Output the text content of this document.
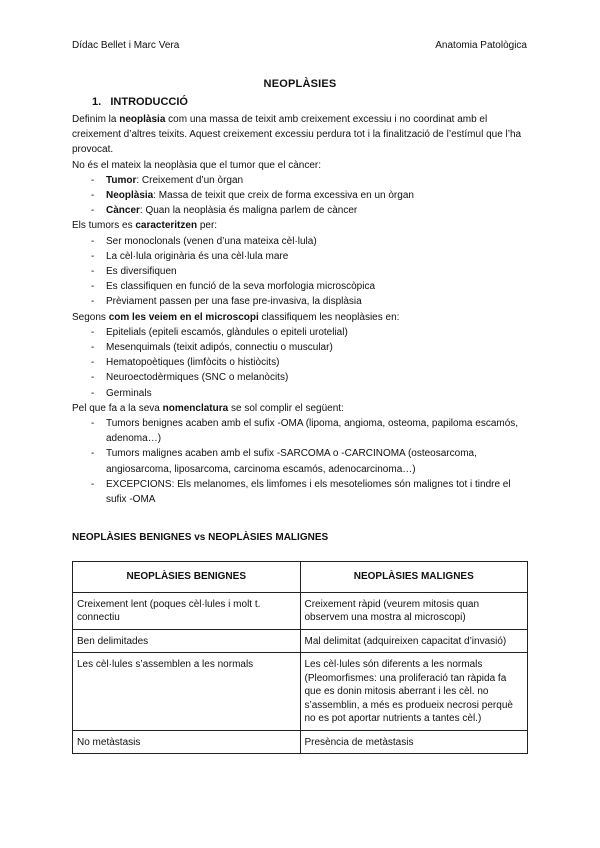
Dídac Bellet i Marc Vera	Anatomia Patològica
NEOPLÀSIES
1. INTRODUCCIÓ

Definim la neoplàsia com una massa de teixit amb creixement excessiu i no coordinat amb el creixement d’altres teixits. Aquest creixement excessiu perdura tot i la finalització de l’estímul que l’ha provocat.

No és el mateix la neoplàsia que el tumor que el càncer:

- Tumor: Creixement d’un òrgan
- Neoplàsia: Massa de teixit que creix de forma excessiva en un òrgan
- Càncer: Quan la neoplàsia és maligna parlem de càncer

Els tumors es caracteritzen per:

- Ser monoclonals (venen d’una mateixa cèl·lula)
- La cèl·lula originària és una cèl·lula mare
- Es diversifiquen
- Es classifiquen en funció de la seva morfologia microscòpica
- Prèviament passen per una fase pre-invasiva, la displàsia

Segons com les veiem en el microscopi classifiquem les neoplàsies en:

- Epitelials (epiteli escamós, glàndules o epiteli urotelial)
- Mesenquimals (teixit adipós, connectiu o muscular)
- Hematopoètiques (limfòcits o histiòcits)
- Neuroectodèrmiques (SNC o melanòcits)
- Germinals

Pel que fa a la seva nomenclatura se sol complir el següent:

- Tumors benignes acaben amb el sufix -OMA (lipoma, angioma, osteoma, papiloma escamós, adenoma…)
- Tumors malignes acaben amb el sufix -SARCOMA o -CARCINOMA (osteosarcoma, angiosarcoma, liposarcoma, carcinoma escamós, adenocarcinoma…)
- EXCEPCIONS: Els melanomes, els limfomes i els mesoteliomes són malignes tot i tindre el sufix -OMA
NEOPLÀSIES BENIGNES vs NEOPLÀSIES MALIGNES
NEOPLÀSIES BENIGNES	NEOPLÀSIES MALIGNES
Creixement lent (poques cèl·lules i molt t. connectiu	Creixement ràpid (veurem mitosis quan observem una mostra al microscopi)
Ben delimitades	Mal delimitat (adquireixen capacitat d’invasió)
Les cèl·lules s’assemblen a les normals	Les cèl·lules són diferents a les normals (Pleomorfismes: una proliferació tan ràpida fa que es donin mitosis aberrant i les cèl. no s’assemblin, a més es produeix necrosi perquè no es pot aportar nutrients a tantes cèl.)
No metàstasis	Presència de metàstasis
